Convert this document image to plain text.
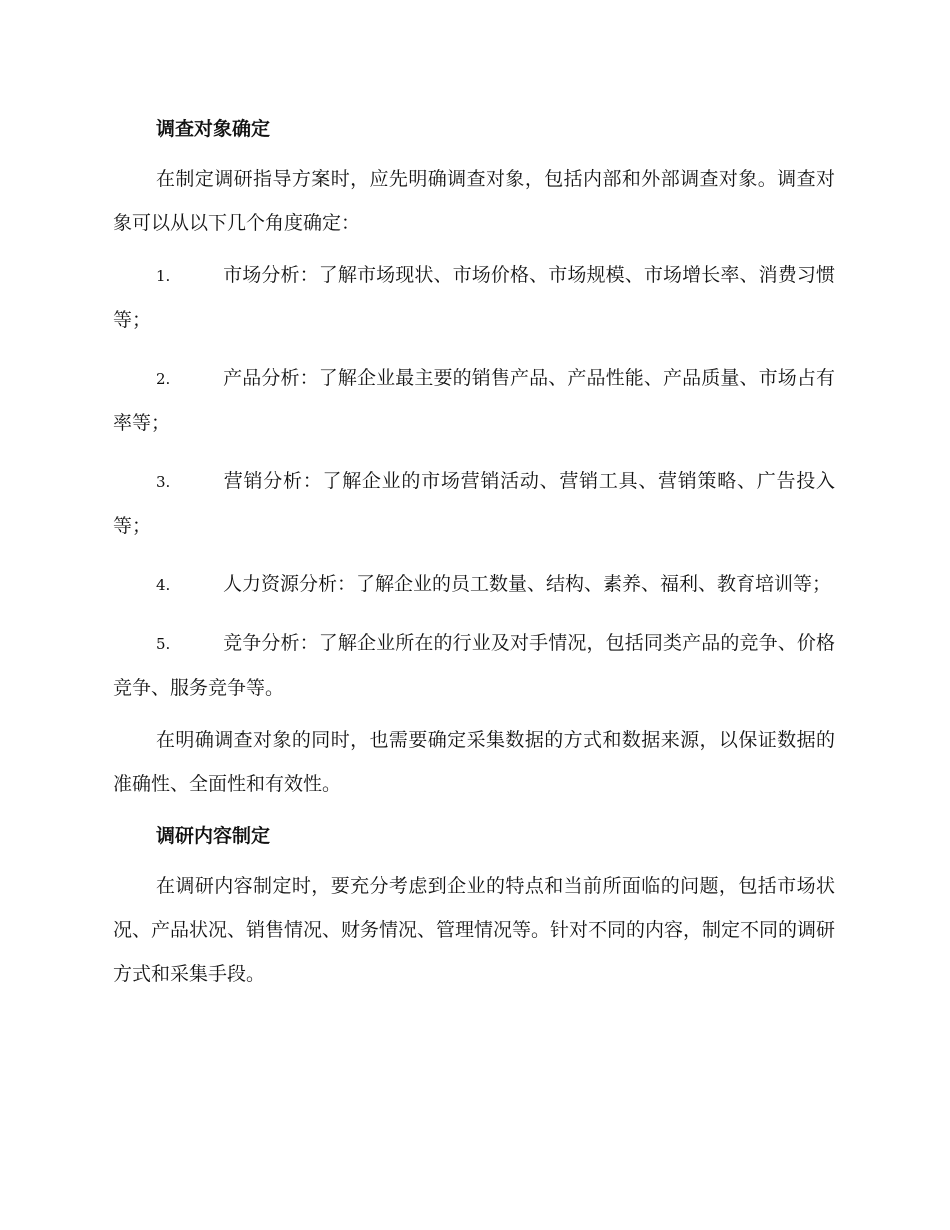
调查对象确定

在制定调研指导方案时，应先明确调查对象，包括内部和外部调查对象。调查对象可以从以下几个角度确定：

1.	市场分析：了解市场现状、市场价格、市场规模、市场增长率、消费习惯等；
2.	产品分析：了解企业最主要的销售产品、产品性能、产品质量、市场占有率等；
3.	营销分析：了解企业的市场营销活动、营销工具、营销策略、广告投入等；
4.	人力资源分析：了解企业的员工数量、结构、素养、福利、教育培训等；
5.	竞争分析：了解企业所在的行业及对手情况，包括同类产品的竞争、价格竞争、服务竞争等。

在明确调查对象的同时，也需要确定采集数据的方式和数据来源，以保证数据的准确性、全面性和有效性。

调研内容制定

在调研内容制定时，要充分考虑到企业的特点和当前所面临的问题，包括市场状况、产品状况、销售情况、财务情况、管理情况等。针对不同的内容，制定不同的调研方式和采集手段。
